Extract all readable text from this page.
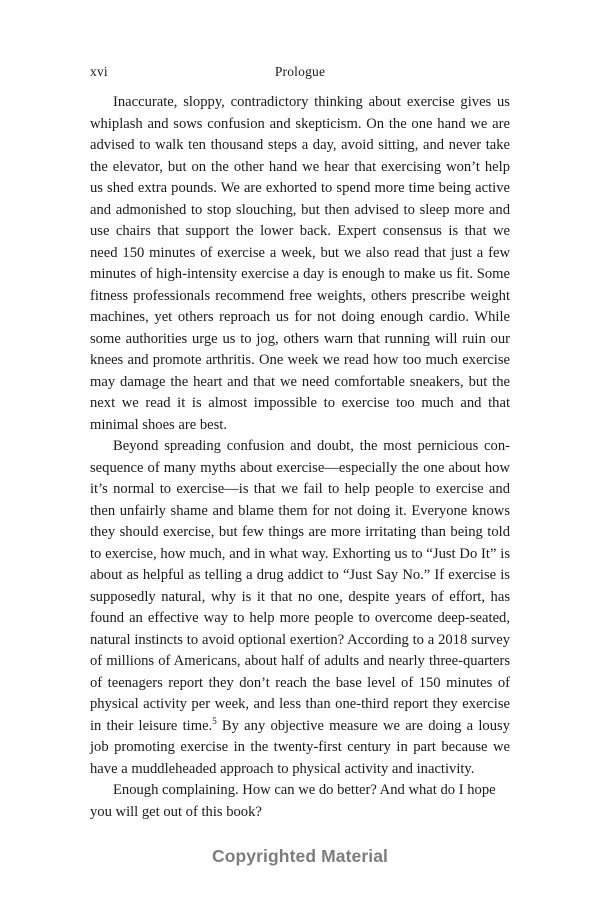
xvi	Prologue

Inaccurate, sloppy, contradictory thinking about exercise gives us whiplash and sows confusion and skepticism. On the one hand we are advised to walk ten thousand steps a day, avoid sitting, and never take the elevator, but on the other hand we hear that exercising won’t help us shed extra pounds. We are exhorted to spend more time being active and admonished to stop slouching, but then advised to sleep more and use chairs that support the lower back. Expert consensus is that we need 150 minutes of exercise a week, but we also read that just a few minutes of high-intensity exercise a day is enough to make us fit. Some fitness professionals recommend free weights, others prescribe weight machines, yet others reproach us for not doing enough cardio. While some authorities urge us to jog, others warn that running will ruin our knees and promote arthritis. One week we read how too much exercise may damage the heart and that we need comfortable sneakers, but the next we read it is almost impossible to exercise too much and that minimal shoes are best.

Beyond spreading confusion and doubt, the most pernicious consequence of many myths about exercise—especially the one about how it’s normal to exercise—is that we fail to help people to exercise and then unfairly shame and blame them for not doing it. Everyone knows they should exercise, but few things are more irritating than being told to exercise, how much, and in what way. Exhorting us to “Just Do It” is about as helpful as telling a drug addict to “Just Say No.” If exercise is supposedly natural, why is it that no one, despite years of effort, has found an effective way to help more people to overcome deep-seated, natural instincts to avoid optional exertion? According to a 2018 survey of millions of Americans, about half of adults and nearly three-quarters of teenagers report they don’t reach the base level of 150 minutes of physical activity per week, and less than one-third report they exercise in their leisure time.$^5$ By any objective measure we are doing a lousy job promoting exercise in the twenty-first century in part because we have a muddleheaded approach to physical activity and inactivity.

Enough complaining. How can we do better? And what do I hope you will get out of this book?

Copyrighted Material
